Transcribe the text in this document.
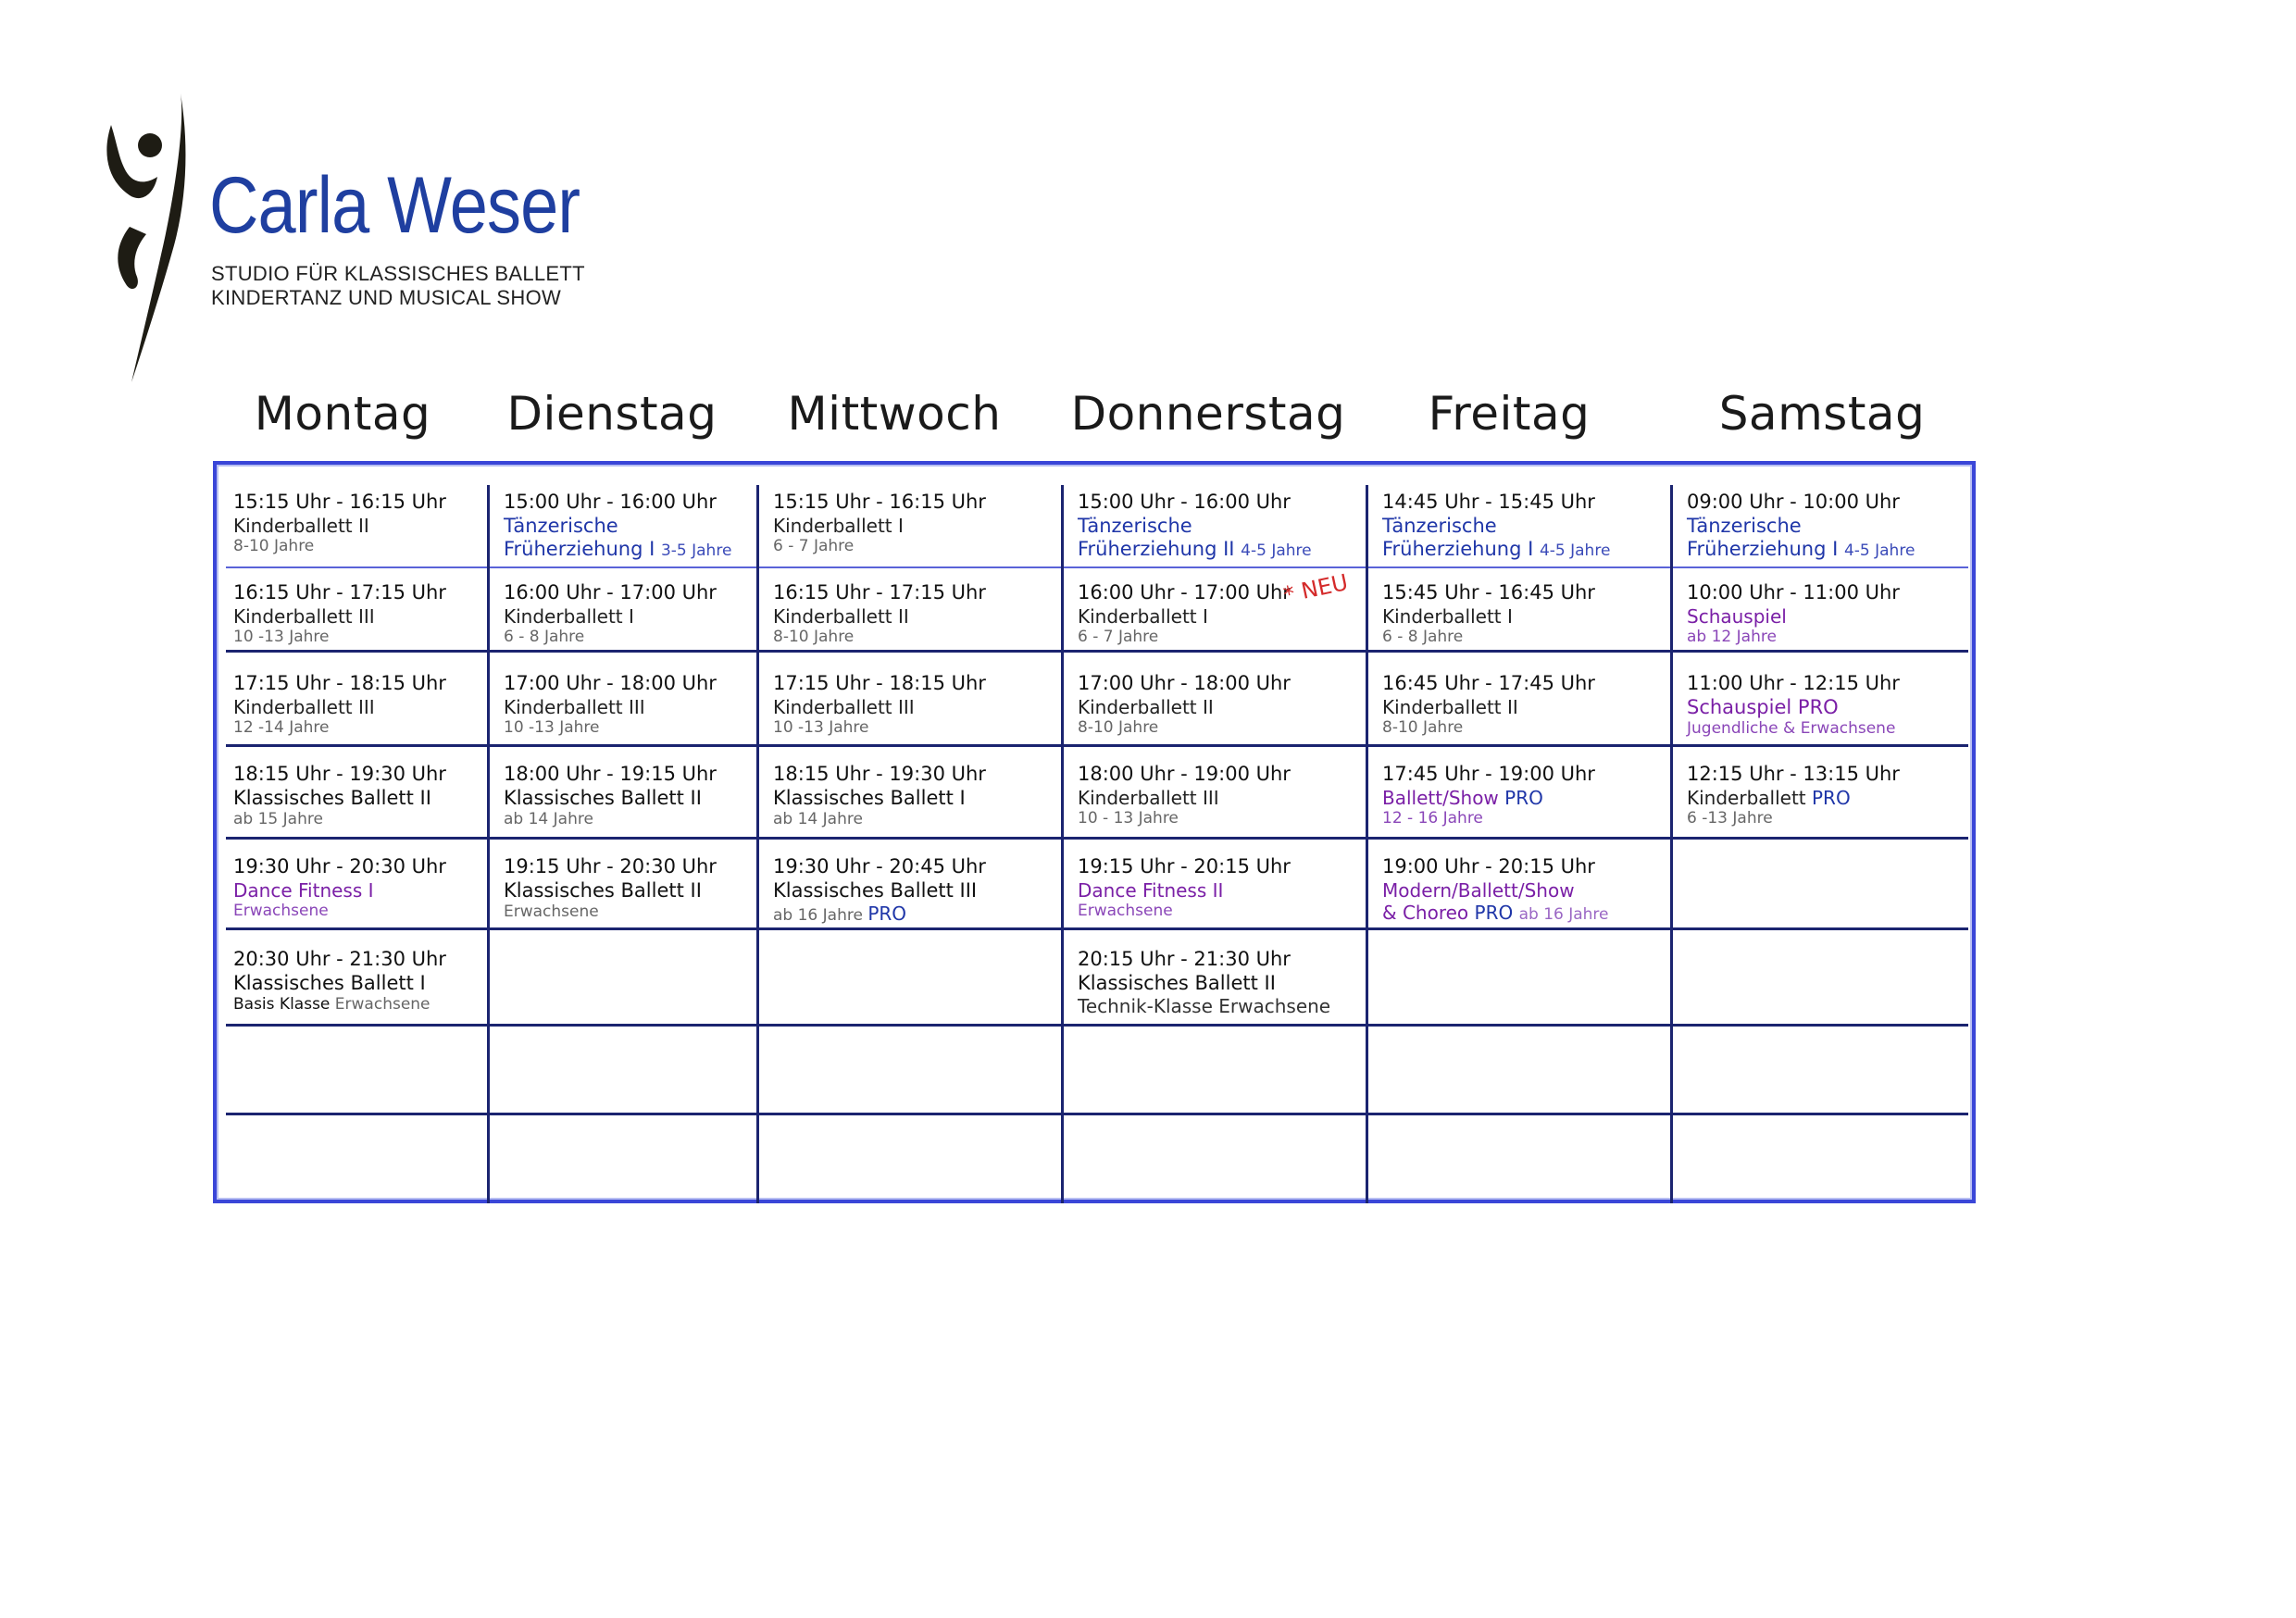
Carla Weser
STUDIO FÜR KLASSISCHES BALLETT
KINDERTANZ UND MUSICAL SHOW
Montag Dienstag Mittwoch Donnerstag Freitag	Samstag
15:15 Uhr - 16:15 Uhr
Kinderballett II
8-10 Jahre
16:15 Uhr - 17:15 Uhr
Kinderballett III
10 -13 Jahre
17:15 Uhr - 18:15 Uhr
Kinderballett III
12 -14 Jahre
18:15 Uhr - 19:30 Uhr
Klassisches Ballett II
ab 15 Jahre
19:30 Uhr - 20:30 Uhr
Dance Fitness I
Erwachsene
20:30 Uhr - 21:30 Uhr
Klassisches Ballett I
Basis Klasse Erwachsene
15:00 Uhr - 16:00 Uhr
Tänzerische
Früherziehung I 3-5 Jahre
16:00 Uhr - 17:00 Uhr
Kinderballett I
6 - 8 Jahre
17:00 Uhr - 18:00 Uhr
Kinderballett III
10 -13 Jahre
18:00 Uhr - 19:15 Uhr
Klassisches Ballett II
ab 14 Jahre
19:15 Uhr - 20:30 Uhr
Klassisches Ballett II
Erwachsene
15:15 Uhr - 16:15 Uhr
Kinderballett I
6 - 7 Jahre
16:15 Uhr - 17:15 Uhr
Kinderballett II
8-10 Jahre
17:15 Uhr - 18:15 Uhr
Kinderballett III
10 -13 Jahre
18:15 Uhr - 19:30 Uhr
Klassisches Ballett I
ab 14 Jahre
19:30 Uhr - 20:45 Uhr
Klassisches Ballett III
ab 16 Jahre PRO
15:00 Uhr - 16:00 Uhr
Tänzerische
Früherziehung II 4-5 Jahre
16:00 Uhr - 17:00 Uhr
Kinderballett I
6 - 7 Jahre
* NEU
17:00 Uhr - 18:00 Uhr
Kinderballett II
8-10 Jahre
18:00 Uhr - 19:00 Uhr
Kinderballett III
10 - 13 Jahre
19:15 Uhr - 20:15 Uhr
Dance Fitness II
Erwachsene
20:15 Uhr - 21:30 Uhr
Klassisches Ballett II
Technik-Klasse Erwachsene
14:45 Uhr - 15:45 Uhr
Tänzerische
Früherziehung I 4-5 Jahre
15:45 Uhr - 16:45 Uhr
Kinderballett I
6 - 8 Jahre
16:45 Uhr - 17:45 Uhr
Kinderballett II
8-10 Jahre
17:45 Uhr - 19:00 Uhr
Ballett/Show PRO
12 - 16 Jahre
19:00 Uhr - 20:15 Uhr
Modern/Ballett/Show
& Choreo PRO ab 16 Jahre
09:00 Uhr - 10:00 Uhr
Tänzerische
Früherziehung I 4-5 Jahre
10:00 Uhr - 11:00 Uhr
Schauspiel
ab 12 Jahre
11:00 Uhr - 12:15 Uhr
Schauspiel PRO
Jugendliche & Erwachsene
12:15 Uhr - 13:15 Uhr
Kinderballett PRO
6 -13 Jahre
